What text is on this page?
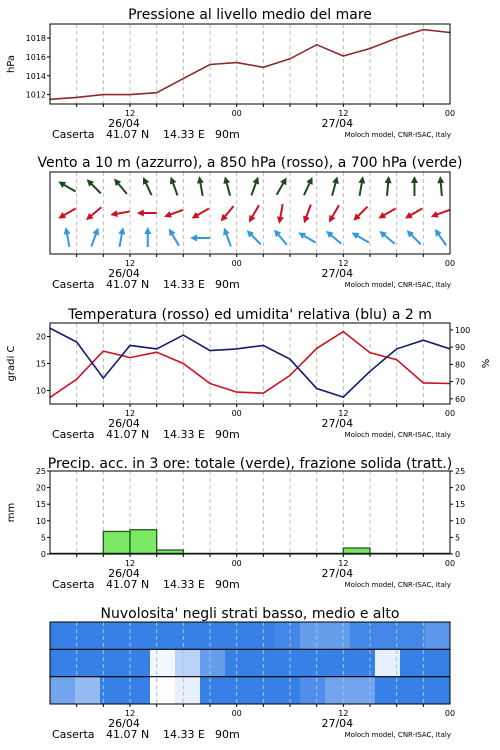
Pressione al livello medio del mare
12	00	12	00
26/04	27/04
Caserta 41.07 N 14.33 E 90m	Moloch model, CNR-ISAC, Italy
1012
1014
1016
1018
hPa
Vento a 10 m (azzurro), a 850 hPa (rosso), a 700 hPa (verde)
12	00	12	00
26/04	27/04
Caserta 41.07 N 14.33 E 90m	Moloch model, CNR-ISAC, Italy
Temperatura (rosso) ed umidita' relativa (blu) a 2 m
12	00	12	00
26/04	27/04
Caserta 41.07 N 14.33 E 90m	Moloch model, CNR-ISAC, Italy
10
15
20
60
70
80
90
100
gradi C	%
Precip. acc. in 3 ore: totale (verde), frazione solida (tratt.)
12	00	12	00
26/04	27/04
Caserta 41.07 N 14.33 E 90m	Moloch model, CNR-ISAC, Italy
0	0
5	5
10	10
15	15
20	20
25	25
mm
Nuvolosita' negli strati basso, medio e alto
12	00	12	00
26/04	27/04
Caserta 41.07 N 14.33 E 90m	Moloch model, CNR-ISAC, Italy
